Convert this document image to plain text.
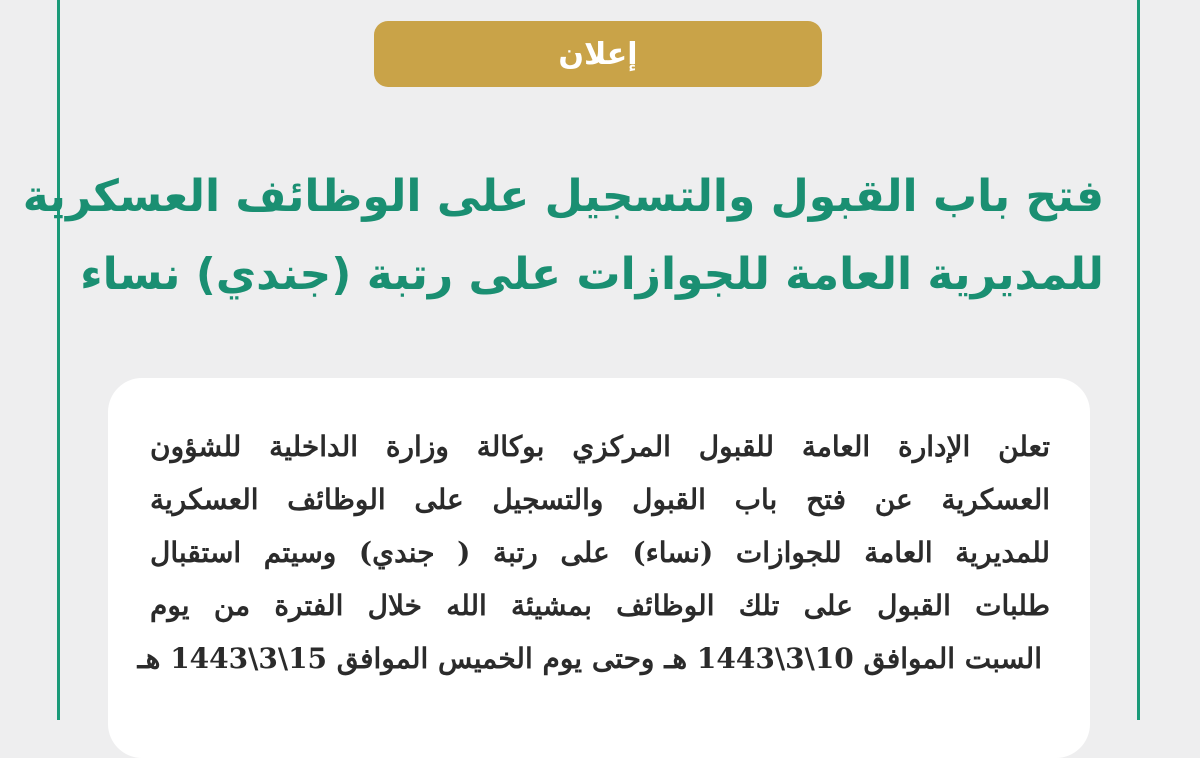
إعلان
فتح باب القبول والتسجيل على الوظائف العسكرية
للمديرية العامة للجوازات على رتبة (جندي) نساء
تعلن الإدارة العامة للقبول المركزي بوكالة وزارة الداخلية للشؤون
العسكرية عن فتح باب القبول والتسجيل على الوظائف العسكرية
للمديرية العامة للجوازات (نساء) على رتبة ( جندي) وسيتم استقبال
طلبات القبول على تلك الوظائف بمشيئة الله خلال الفترة من يوم
السبت الموافق 10\3\1443 هـ وحتى يوم الخميس الموافق 15\3\1443 هـ
